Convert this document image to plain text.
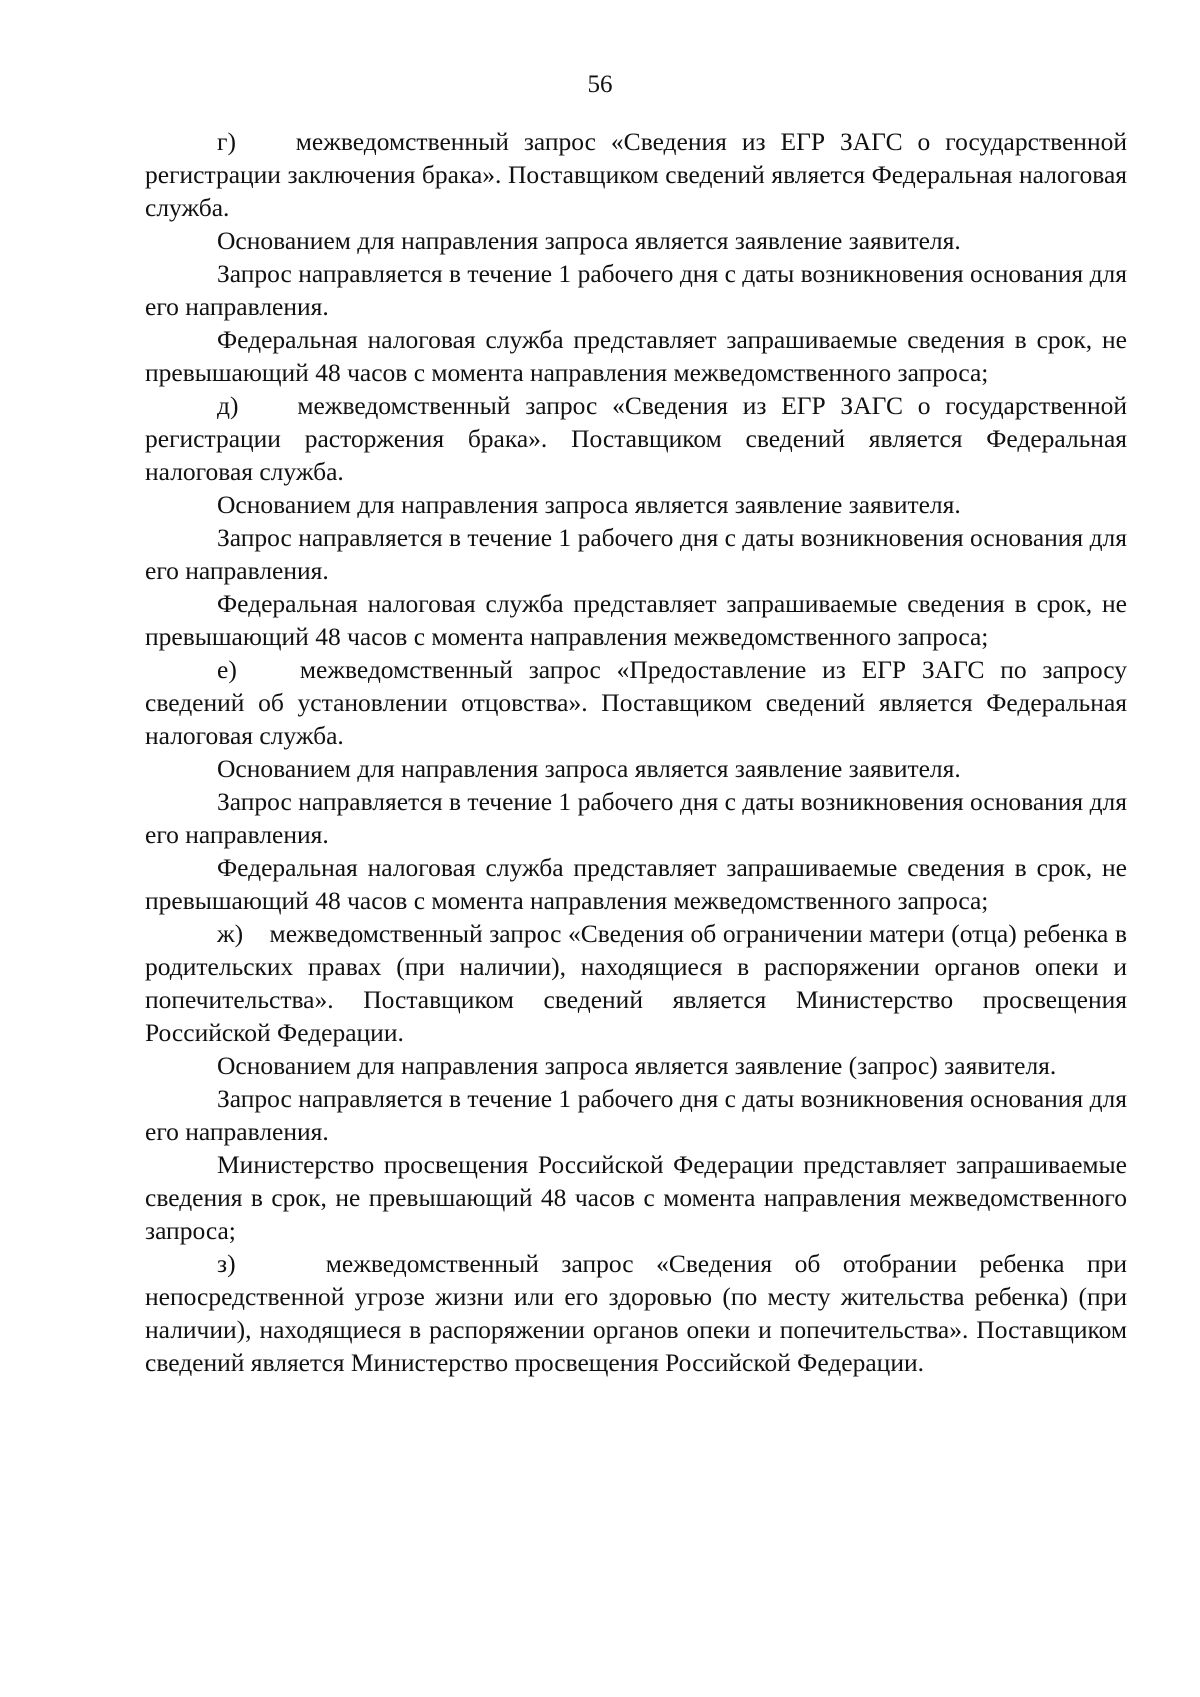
56

г)    межведомственный запрос «Сведения из ЕГР ЗАГС о государственной регистрации заключения брака». Поставщиком сведений является Федеральная налоговая служба.

Основанием для направления запроса является заявление заявителя.

Запрос направляется в течение 1 рабочего дня с даты возникновения основания для его направления.

Федеральная налоговая служба представляет запрашиваемые сведения в срок, не превышающий 48 часов с момента направления межведомственного запроса;

д)    межведомственный запрос «Сведения из ЕГР ЗАГС о государственной регистрации расторжения брака». Поставщиком сведений является Федеральная налоговая служба.

Основанием для направления запроса является заявление заявителя.

Запрос направляется в течение 1 рабочего дня с даты возникновения основания для его направления.

Федеральная налоговая служба представляет запрашиваемые сведения в срок, не превышающий 48 часов с момента направления межведомственного запроса;

е)    межведомственный запрос «Предоставление из ЕГР ЗАГС по запросу сведений об установлении отцовства». Поставщиком сведений является Федеральная налоговая служба.

Основанием для направления запроса является заявление заявителя.

Запрос направляется в течение 1 рабочего дня с даты возникновения основания для его направления.

Федеральная налоговая служба представляет запрашиваемые сведения в срок, не превышающий 48 часов с момента направления межведомственного запроса;

ж)    межведомственный запрос «Сведения об ограничении матери (отца) ребенка в родительских правах (при наличии), находящиеся в распоряжении органов опеки и попечительства». Поставщиком сведений является Министерство просвещения Российской Федерации.

Основанием для направления запроса является заявление (запрос) заявителя.

Запрос направляется в течение 1 рабочего дня с даты возникновения основания для его направления.

Министерство просвещения Российской Федерации представляет запрашиваемые сведения в срок, не превышающий 48 часов с момента направления межведомственного запроса;

з)    межведомственный запрос «Сведения об отобрании ребенка при непосредственной угрозе жизни или его здоровью (по месту жительства ребенка) (при наличии), находящиеся в распоряжении органов опеки и попечительства». Поставщиком сведений является Министерство просвещения Российской Федерации.
